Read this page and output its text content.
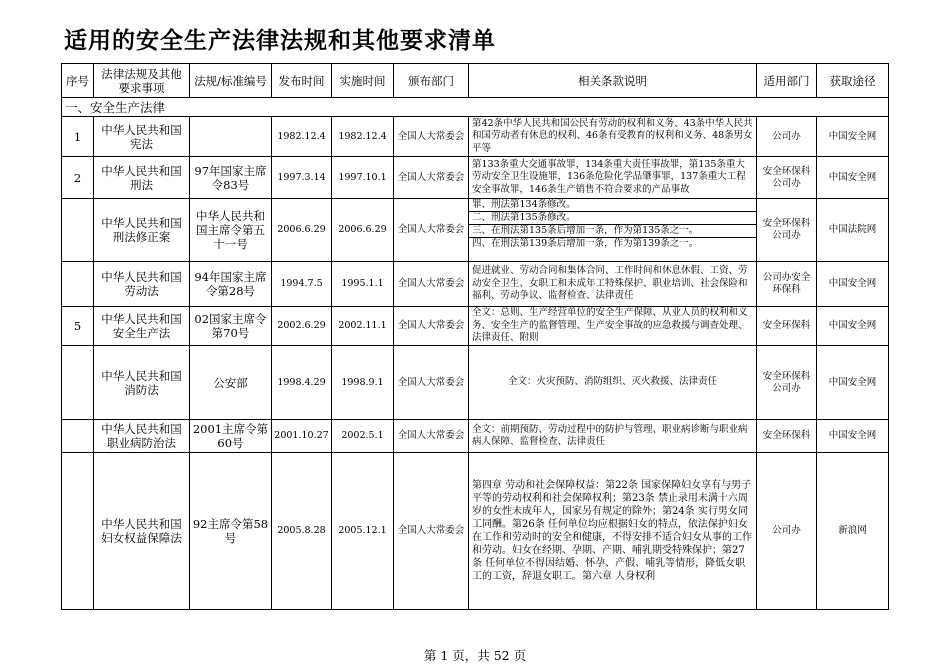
适用的安全生产法律法规和其他要求清单
序号	法律法规及其他要求事项	法规/标准编号	发布时间	实施时间	颁布部门	相关条款说明	适用部门	获取途径
一、安全生产法律								
1	中华人民共和国宪法		1982.12.4	1982.12.4	全国人大常委会	第42条中华人民共和国公民有劳动的权利和义务、43条中华人民共和国劳动者有休息的权利、46条有受教育的权利和义务、48条男女平等	公司办	中国安全网
2	中华人民共和国刑法	97年国家主席令83号	1997.3.14	1997.10.1	全国人大常委会	第133条重大交通事故罪，134条重大责任事故罪，第135条重大劳动安全卫生设施罪，136条危险化学品肇事罪，137条重大工程安全事故罪，146条生产销售不符合要求的产品事故	安全环保科公司办	中国安全网
	中华人民共和国刑法修正案	中华人民共和国主席令第五十一号	2006.6.29	2006.6.29	全国人大常委会	罪、刑法第134条修改。
二、刑法第135条修改。
三、在刑法第135条后增加一条，作为第135条之一。
四、在刑法第139条后增加一条，作为第139条之一。	安全环保科公司办	中国法院网
	中华人民共和国劳动法	94年国家主席令第28号	1994.7.5	1995.1.1	全国人大常委会	促进就业、劳动合同和集体合同、工作时间和休息休假、工资、劳动安全卫生、女职工和未成年工特殊保护、职业培训、社会保险和福利、劳动争议、监督检查、法律责任	公司办安全环保科	中国安全网
5	中华人民共和国安全生产法	02国家主席令第70号	2002.6.29	2002.11.1	全国人大常委会	全文：总则、生产经营单位的安全生产保障、从业人员的权利和义务、安全生产的监督管理、生产安全事故的应急救援与调查处理、法律责任、附则	安全环保科	中国安全网
	中华人民共和国消防法	公安部	1998.4.29	1998.9.1	全国人大常委会	全文：火灾预防、消防组织、灭火救援、法律责任	安全环保科公司办	中国安全网
	中华人民共和国职业病防治法	2001主席令第60号	2001.10.27	2002.5.1	全国人大常委会	全文：前期预防、劳动过程中的防护与管理、职业病诊断与职业病病人保障、监督检查、法律责任	安全环保科	中国安全网
	中华人民共和国妇女权益保障法	92主席令第58号	2005.8.28	2005.12.1	全国人大常委会	第四章 劳动和社会保障权益：第22条 国家保障妇女享有与男子平等的劳动权利和社会保障权利；第23条 禁止录用未满十六周岁的女性未成年人，国家另有规定的除外；第24条 实行男女同工同酬。第26条 任何单位均应根据妇女的特点，依法保护妇女在工作和劳动时的安全和健康，不得安排不适合妇女从事的工作和劳动。妇女在经期、孕期、产期、哺乳期受特殊保护；第27条 任何单位不得因结婚、怀孕、产假、哺乳等情形，降低女职工的工资，辞退女职工。第六章 人身权利	公司办	新浪网
第 1 页，共 52 页
